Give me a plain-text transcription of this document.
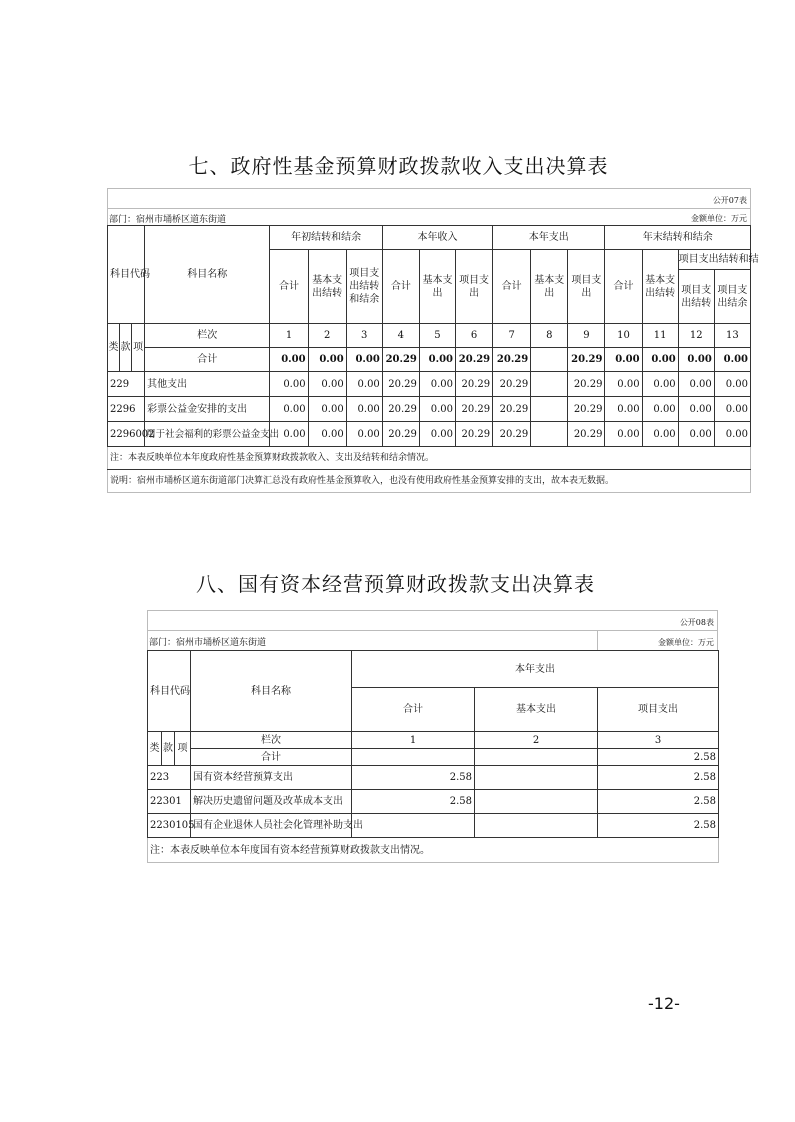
七、政府性基金预算财政拨款收入支出决算表
公开07表
部门：宿州市埇桥区道东街道	金额单位：万元
科目代码			科目名称	年初结转和结余			本年收入			本年支出			年末结转和结余			
				合计	基本支出结转	项目支出结转和结余	合计	基本支出	项目支出	合计	基本支出	项目支出	合计	基本支出结转	项目支出结转和结	
															项目支出结转	项目支出结余
类	款	项	栏次	1	2	3	4	5	6	7	8	9	10	11	12	13
			合计	0.00	0.00	0.00	20.29	0.00	20.29	20.29		20.29	0.00	0.00	0.00	0.00
229			其他支出	0.00	0.00	0.00	20.29	0.00	20.29	20.29		20.29	0.00	0.00	0.00	0.00
2296			彩票公益金安排的支出	0.00	0.00	0.00	20.29	0.00	20.29	20.29		20.29	0.00	0.00	0.00	0.00
2296002			用于社会福利的彩票公益金支出	0.00	0.00	0.00	20.29	0.00	20.29	20.29		20.29	0.00	0.00	0.00	0.00
注：本表反映单位本年度政府性基金预算财政拨款收入、支出及结转和结余情况。																
说明：宿州市埇桥区道东街道部门决算汇总没有政府性基金预算收入，也没有使用政府性基金预算安排的支出，故本表无数据。																
八、国有资本经营预算财政拨款支出决算表
公开08表
部门：宿州市埇桥区道东街道	金额单位：万元
科目代码			科目名称	本年支出		
				合计	基本支出	项目支出
类	款	项	栏次	1	2	3
			合计			2.58
223			国有资本经营预算支出	2.58		2.58
22301			解决历史遗留问题及改革成本支出	2.58		2.58
2230105			国有企业退休人员社会化管理补助支出			2.58
注：本表反映单位本年度国有资本经营预算财政拨款支出情况。						
-12-
